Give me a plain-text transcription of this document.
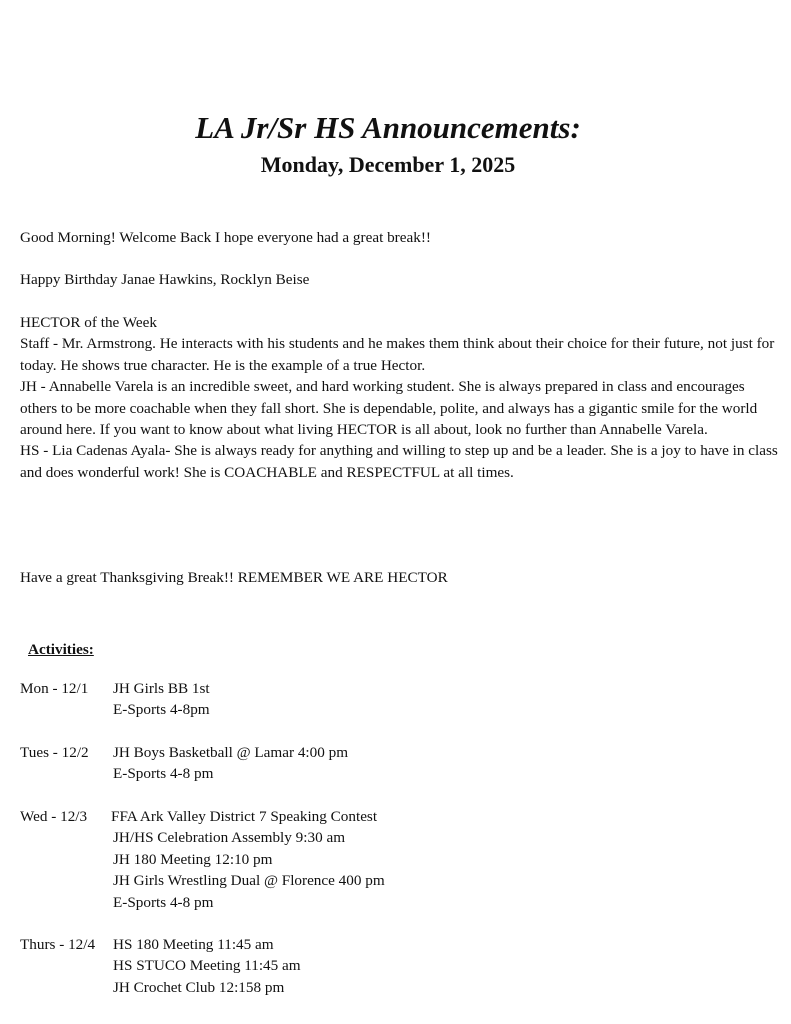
LA Jr/Sr HS Announcements:
Monday, December 1, 2025
Good Morning! Welcome Back I hope everyone had a great break!!
Happy Birthday Janae Hawkins, Rocklyn Beise
HECTOR of the Week
Staff - Mr. Armstrong. He interacts with his students and he makes them think about their choice for their future, not just for today. He shows true character. He is the example of a true Hector.
JH - Annabelle Varela is an incredible sweet, and hard working student. She is always prepared in class and encourages others to be more coachable when they fall short. She is dependable, polite, and always has a gigantic smile for the world around here. If you want to know about what living HECTOR is all about, look no further than Annabelle Varela.
HS - Lia Cadenas Ayala- She is always ready for anything and willing to step up and be a leader. She is a joy to have in class and does wonderful work! She is COACHABLE and RESPECTFUL at all times.
Have a great Thanksgiving Break!! REMEMBER WE ARE HECTOR
Activities:
Mon - 12/1 JH Girls BB 1st
E-Sports 4-8pm
Tues - 12/2 JH Boys Basketball @ Lamar 4:00 pm
E-Sports 4-8 pm
Wed - 12/3 FFA Ark Valley District 7 Speaking Contest
JH/HS Celebration Assembly 9:30 am
JH 180 Meeting 12:10 pm
JH Girls Wrestling Dual @ Florence 400 pm
E-Sports 4-8 pm
Thurs - 12/4 HS 180 Meeting 11:45 am
HS STUCO Meeting 11:45 am
JH Crochet Club 12:158 pm
